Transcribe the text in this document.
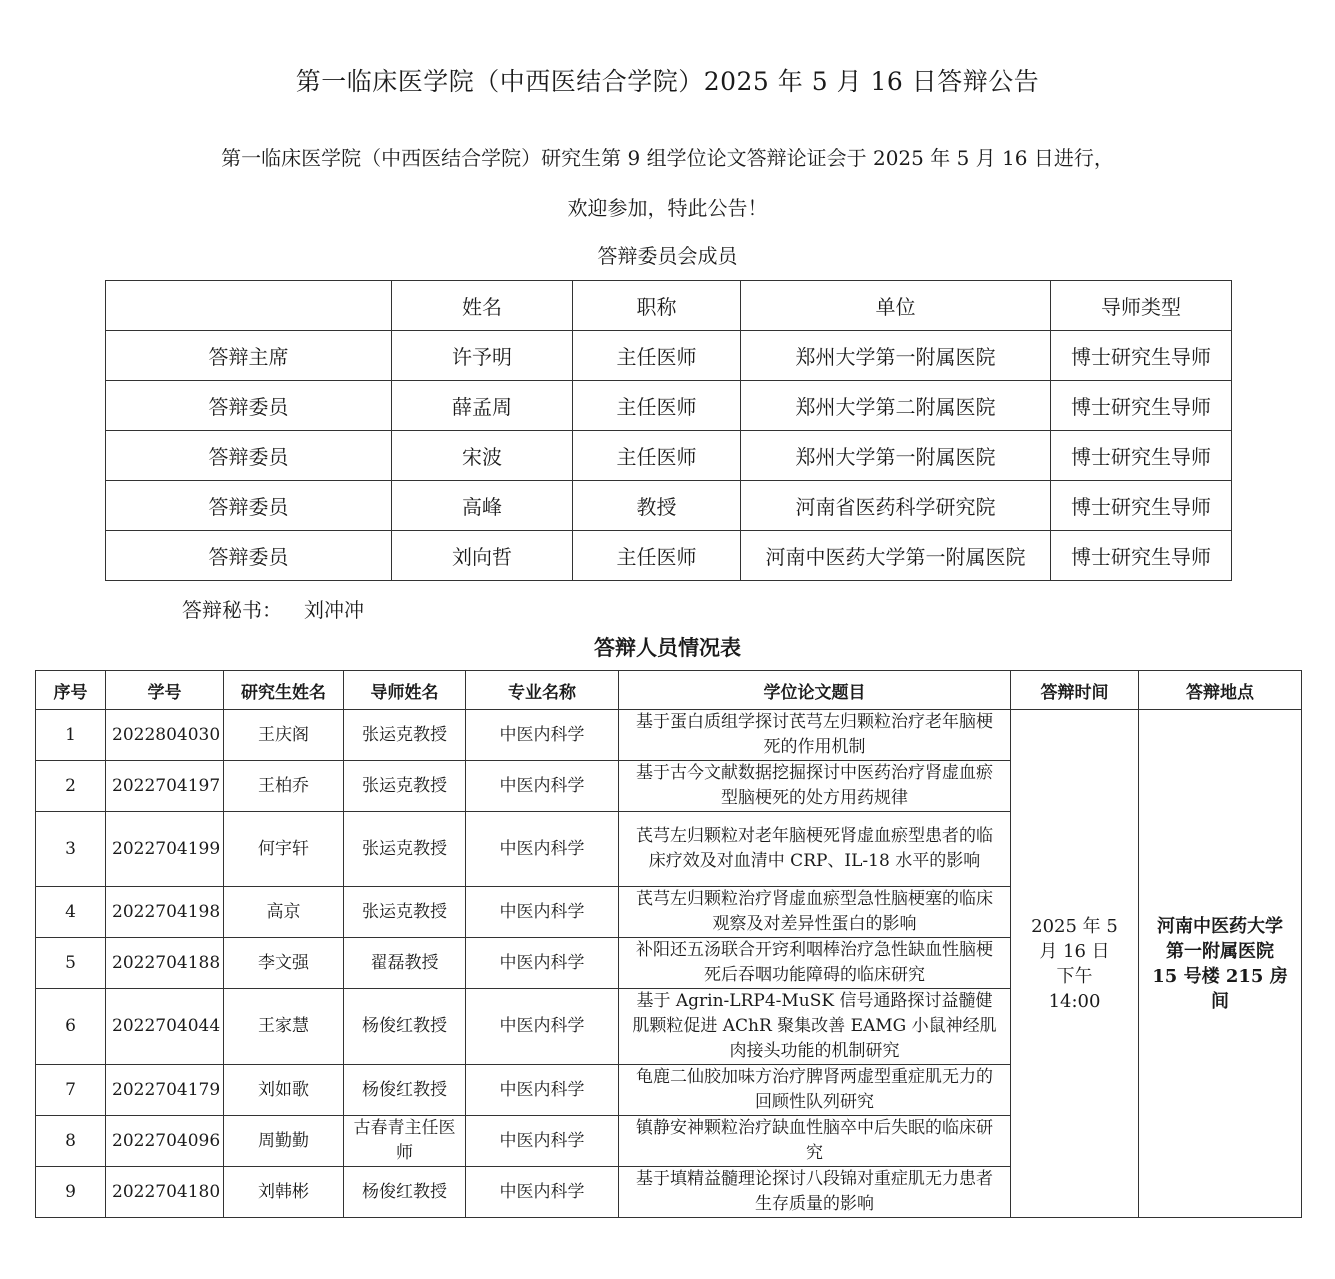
第一临床医学院（中西医结合学院）2025 年 5 月 16 日答辩公告
第一临床医学院（中西医结合学院）研究生第 9 组学位论文答辩论证会于 2025 年 5 月 16 日进行，
欢迎参加，特此公告！
答辩委员会成员
	姓名	职称	单位	导师类型
答辩主席	许予明	主任医师	郑州大学第一附属医院	博士研究生导师
答辩委员	薛孟周	主任医师	郑州大学第二附属医院	博士研究生导师
答辩委员	宋波	主任医师	郑州大学第一附属医院	博士研究生导师
答辩委员	高峰	教授	河南省医药科学研究院	博士研究生导师
答辩委员	刘向哲	主任医师	河南中医药大学第一附属医院	博士研究生导师
答辩秘书： 刘冲冲
答辩人员情况表
序号	学号	研究生姓名	导师姓名	专业名称	学位论文题目	答辩时间	答辩地点
1	2022804030	王庆阁	张运克教授	中医内科学	基于蛋白质组学探讨芪芎左归颗粒治疗老年脑梗死的作用机制	2025 年 5 月 16 日下午 14:00	河南中医药大学第一附属医院 15 号楼 215 房间
2	2022704197	王柏乔	张运克教授	中医内科学	基于古今文献数据挖掘探讨中医药治疗肾虚血瘀型脑梗死的处方用药规律		
3	2022704199	何宇轩	张运克教授	中医内科学	芪芎左归颗粒对老年脑梗死肾虚血瘀型患者的临床疗效及对血清中 CRP、IL-18 水平的影响		
4	2022704198	高京	张运克教授	中医内科学	芪芎左归颗粒治疗肾虚血瘀型急性脑梗塞的临床观察及对差异性蛋白的影响		
5	2022704188	李文强	翟磊教授	中医内科学	补阳还五汤联合开窍利咽棒治疗急性缺血性脑梗死后吞咽功能障碍的临床研究		
6	2022704044	王家慧	杨俊红教授	中医内科学	基于 Agrin-LRP4-MuSK 信号通路探讨益髓健肌颗粒促进 AChR 聚集改善 EAMG 小鼠神经肌肉接头功能的机制研究		
7	2022704179	刘如歌	杨俊红教授	中医内科学	龟鹿二仙胶加味方治疗脾肾两虚型重症肌无力的回顾性队列研究		
8	2022704096	周勤勤	古春青主任医师	中医内科学	镇静安神颗粒治疗缺血性脑卒中后失眠的临床研究		
9	2022704180	刘韩彬	杨俊红教授	中医内科学	基于填精益髓理论探讨八段锦对重症肌无力患者生存质量的影响		
